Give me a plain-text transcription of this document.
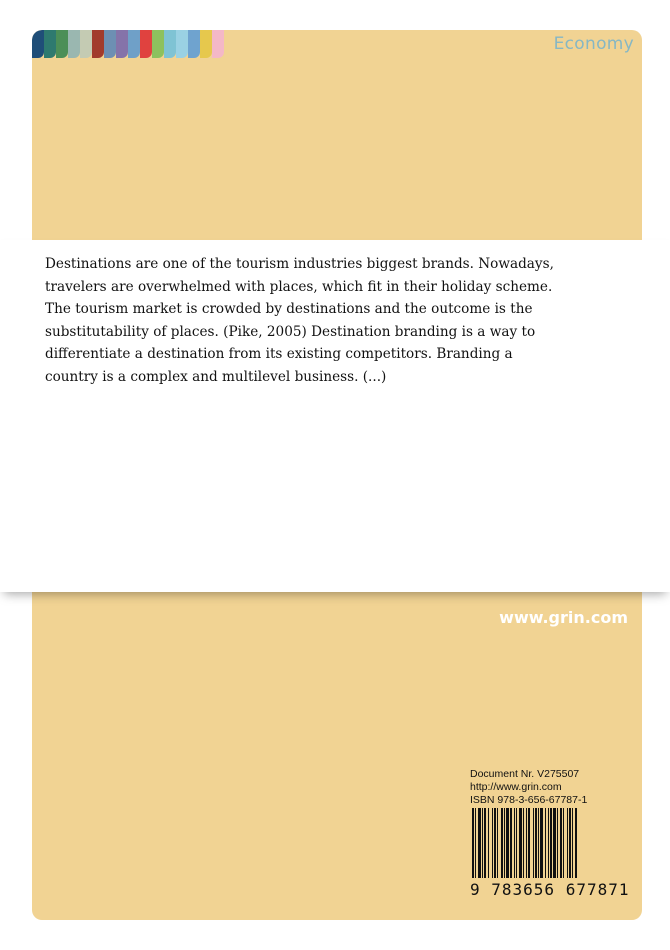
Economy
www.grin.com
Document Nr. V275507
http://www.grin.com
ISBN 978-3-656-67787-1
9 783656 677871

Destinations are one of the tourism industries biggest brands. Nowadays, travelers are overwhelmed with places, which fit in their holiday scheme. The tourism market is crowded by destinations and the outcome is the substitutability of places. (Pike, 2005) Destination branding is a way to differentiate a destination from its existing competitors. Branding a country is a complex and multilevel business. (...)
